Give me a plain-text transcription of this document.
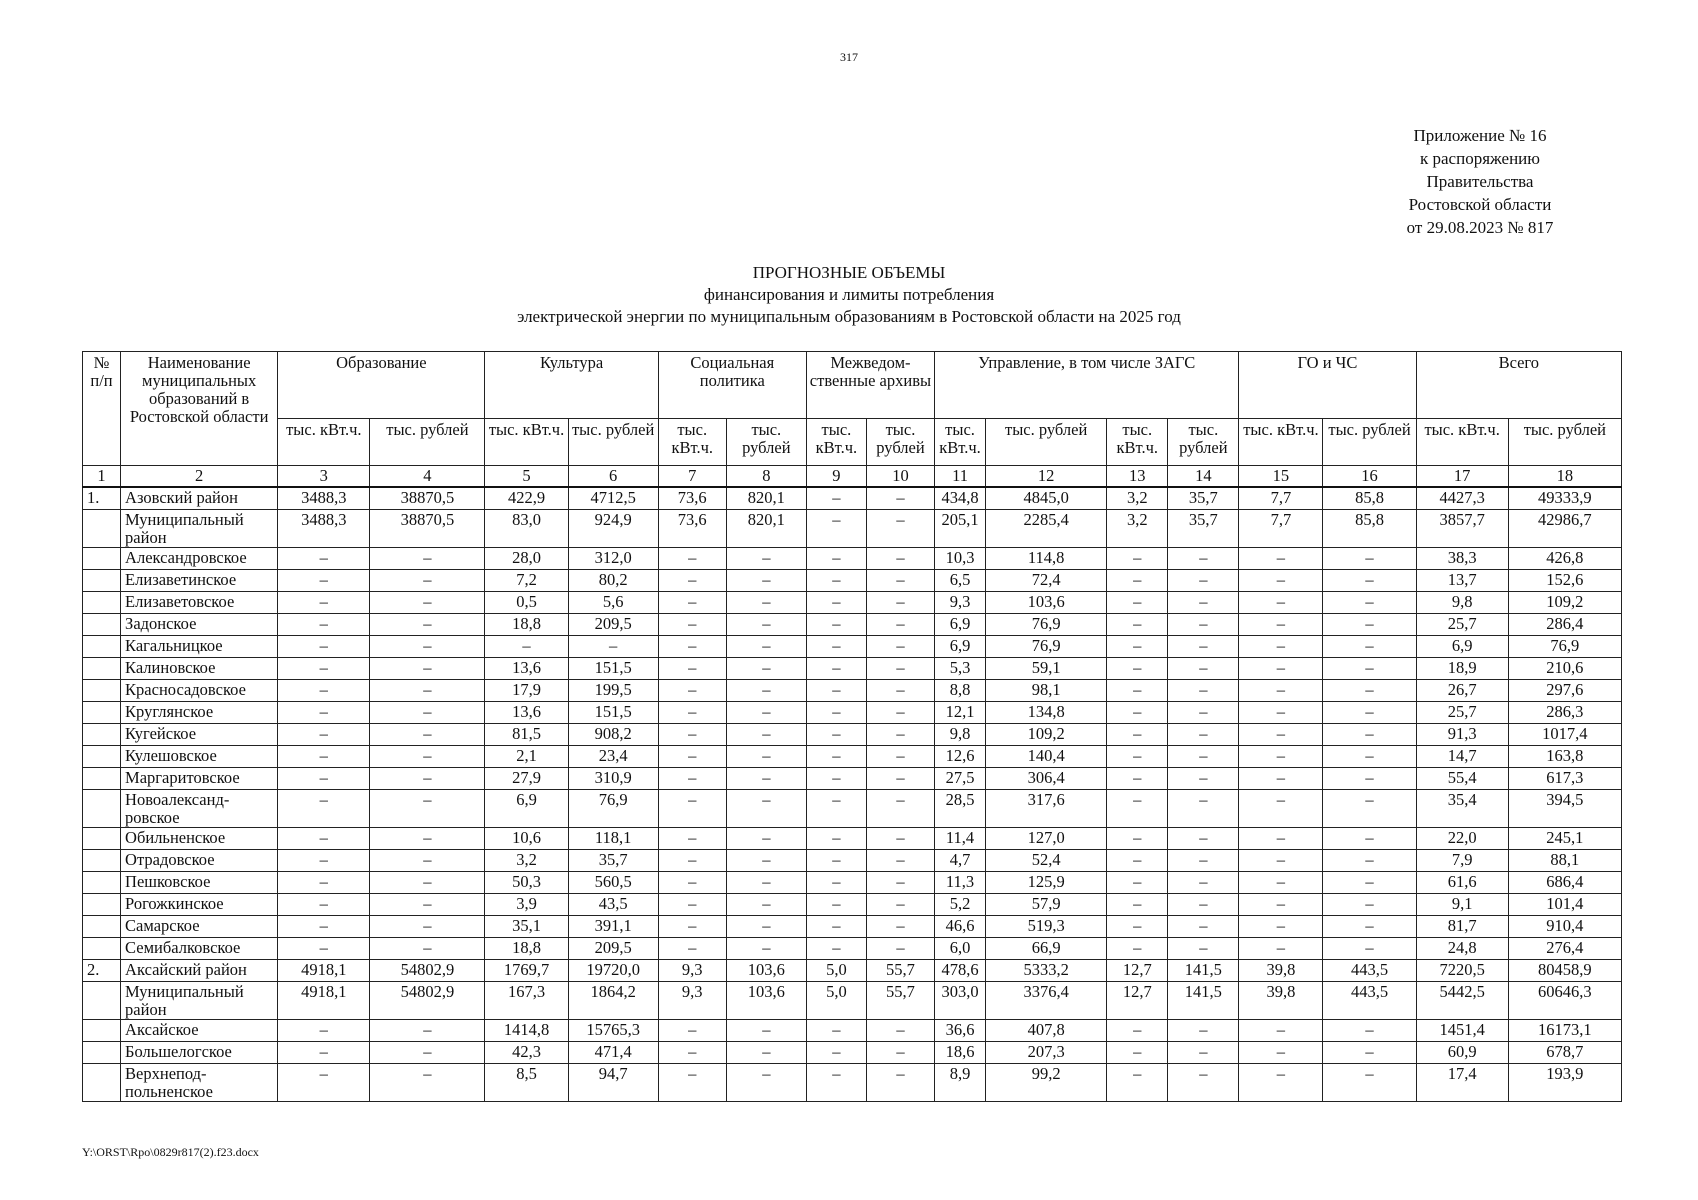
317
Приложение № 16
к распоряжению
Правительства
Ростовской области
от 29.08.2023 № 817
ПРОГНОЗНЫЕ ОБЪЕМЫ
финансирования и лимиты потребления
электрической энергии по муниципальным образованиям в Ростовской области на 2025 год
№ п/п	Наименование муниципальных образований в Ростовской области	Образование		Культура		Социальная политика		Межведом-ственные архивы		Управление, в том числе ЗАГС				ГО и ЧС		Всего	
		тыс. кВт.ч.	тыс. рублей	тыс. кВт.ч.	тыс. рублей	тыс. кВт.ч.	тыс. рублей	тыс. кВт.ч.	тыс. рублей	тыс. кВт.ч.	тыс. рублей	тыс. кВт.ч.	тыс. рублей	тыс. кВт.ч.	тыс. рублей	тыс. кВт.ч.	тыс. рублей
1	2	3	4	5	6	7	8	9	10	11	12	13	14	15	16	17	18
1.	Азовский район	3488,3	38870,5	422,9	4712,5	73,6	820,1	–	–	434,8	4845,0	3,2	35,7	7,7	85,8	4427,3	49333,9
	Муниципальный район	3488,3	38870,5	83,0	924,9	73,6	820,1	–	–	205,1	2285,4	3,2	35,7	7,7	85,8	3857,7	42986,7
	Александровское	–	–	28,0	312,0	–	–	–	–	10,3	114,8	–	–	–	–	38,3	426,8
	Елизаветинское	–	–	7,2	80,2	–	–	–	–	6,5	72,4	–	–	–	–	13,7	152,6
	Елизаветовское	–	–	0,5	5,6	–	–	–	–	9,3	103,6	–	–	–	–	9,8	109,2
	Задонское	–	–	18,8	209,5	–	–	–	–	6,9	76,9	–	–	–	–	25,7	286,4
	Кагальницкое	–	–	–	–	–	–	–	–	6,9	76,9	–	–	–	–	6,9	76,9
	Калиновское	–	–	13,6	151,5	–	–	–	–	5,3	59,1	–	–	–	–	18,9	210,6
	Красносадовское	–	–	17,9	199,5	–	–	–	–	8,8	98,1	–	–	–	–	26,7	297,6
	Круглянское	–	–	13,6	151,5	–	–	–	–	12,1	134,8	–	–	–	–	25,7	286,3
	Кугейское	–	–	81,5	908,2	–	–	–	–	9,8	109,2	–	–	–	–	91,3	1017,4
	Кулешовское	–	–	2,1	23,4	–	–	–	–	12,6	140,4	–	–	–	–	14,7	163,8
	Маргаритовское	–	–	27,9	310,9	–	–	–	–	27,5	306,4	–	–	–	–	55,4	617,3
	Новоалександ-ровское	–	–	6,9	76,9	–	–	–	–	28,5	317,6	–	–	–	–	35,4	394,5
	Обильненское	–	–	10,6	118,1	–	–	–	–	11,4	127,0	–	–	–	–	22,0	245,1
	Отрадовское	–	–	3,2	35,7	–	–	–	–	4,7	52,4	–	–	–	–	7,9	88,1
	Пешковское	–	–	50,3	560,5	–	–	–	–	11,3	125,9	–	–	–	–	61,6	686,4
	Рогожкинское	–	–	3,9	43,5	–	–	–	–	5,2	57,9	–	–	–	–	9,1	101,4
	Самарское	–	–	35,1	391,1	–	–	–	–	46,6	519,3	–	–	–	–	81,7	910,4
	Семибалковское	–	–	18,8	209,5	–	–	–	–	6,0	66,9	–	–	–	–	24,8	276,4
2.	Аксайский район	4918,1	54802,9	1769,7	19720,0	9,3	103,6	5,0	55,7	478,6	5333,2	12,7	141,5	39,8	443,5	7220,5	80458,9
	Муниципальный район	4918,1	54802,9	167,3	1864,2	9,3	103,6	5,0	55,7	303,0	3376,4	12,7	141,5	39,8	443,5	5442,5	60646,3
	Аксайское	–	–	1414,8	15765,3	–	–	–	–	36,6	407,8	–	–	–	–	1451,4	16173,1
	Большелогское	–	–	42,3	471,4	–	–	–	–	18,6	207,3	–	–	–	–	60,9	678,7
	Верхнепод-польненское	–	–	8,5	94,7	–	–	–	–	8,9	99,2	–	–	–	–	17,4	193,9
Y:\ORST\Rpo\0829r817(2).f23.docx
